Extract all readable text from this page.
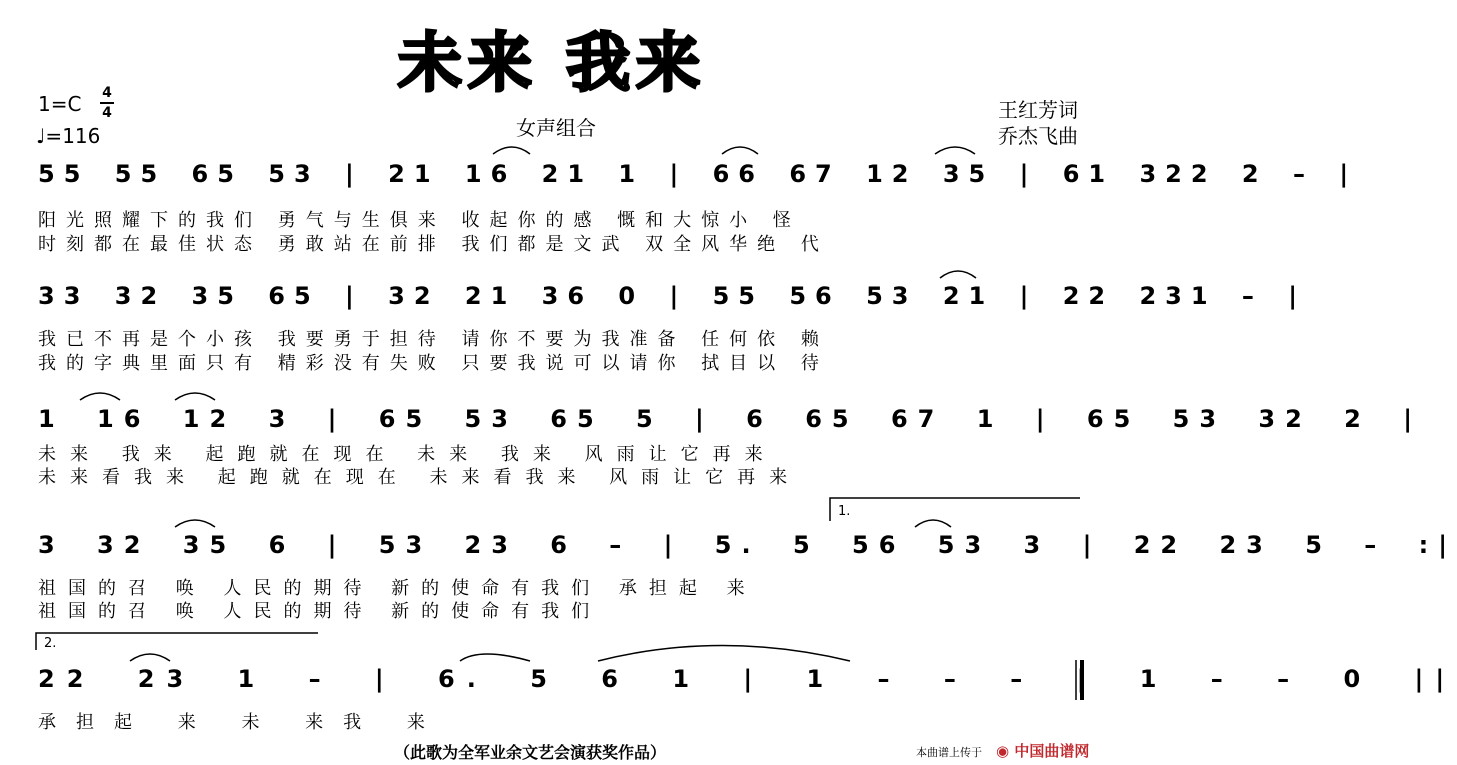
未来 我来
1=C 4
4
♩=116	女声组合
王红芳词
乔杰飞曲
55 55 65 53 | 21 16 21 1 | 66 67 12 35 | 61 322 2 – |
阳光照耀下的我们 勇气与生俱来 收起你的感 慨和大惊小 怪
时刻都在最佳状态 勇敢站在前排 我们都是文武 双全风华绝 代
33 32 35 65 | 32 21 36 0 | 55 56 53 21 | 22 231 – |
我已不再是个小孩 我要勇于担待 请你不要为我准备 任何依 赖
我的字典里面只有 精彩没有失败 只要我说可以请你 拭目以 待
1 16 12 3 | 65 53 65 5 | 6 65 67 1 | 65 53 32 2 |
未来 我来 起跑就在现在 未来 我来 风雨让它再来
未来看我来 起跑就在现在 未来看我来 风雨让它再来
1.
3 32 35 6 | 53 23 6 – | 5. 5 56 53 3 | 22 23 5 – :|
祖国的召 唤 人民的期待 新的使命有我们 承担起 来
祖国的召 唤 人民的期待 新的使命有我们
2.
22 23 1 – | 6. 5 6 1 | 1 – – – | 1 – – 0 ||
承担起 来 未 来我 来
（此歌为全军业余文艺会演获奖作品）	本曲谱上传于 ◉ 中国曲谱网
